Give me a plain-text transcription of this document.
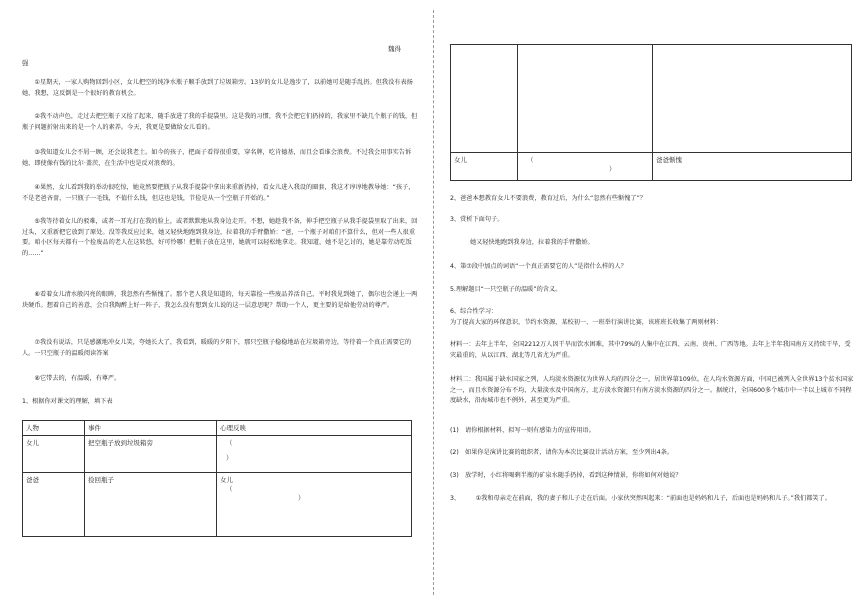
魏得
强
①星期天，一家人购物回到小区，女儿把空的纯净水瓶子顺手放到了垃圾箱旁。13岁的女儿是逸步了，以前她可是随手乱扔。但我没有表扬她，我想，这反倒是一个很好的教育机会。
②我不动声色，走过去把空瓶子又捡了起来，随手放进了我的手提袋里。这是我的习惯，我不会把它们扔掉的，我家里不缺几个瓶子的钱，但瓶子问题折射出来的是一个人的素养。今天，我更是要做给女儿看的。
③我知道女儿会不屑一顾，还会说我老土。如今的孩子，把面子看得很重要，穿名牌，吃肯德基，而且会看谁会浪费。不过我会用事实告诉她，即使像有钱的比尔·盖茨，在生活中也是反对浪费的。
④果然，女儿看到我的举动很吃惊，她竟然要把瓶子从我手提袋中拿出来重新扔掉，看女儿进入我设的圈套，我这才谆谆地教导她：“孩子，不是老爸吝啬，一只瓶子一毛钱，不值什么钱，但这也是钱，节俭是从一个空瓶子开始的。”
⑤我等待着女儿的驳难，或者一耳光打在我的脸上，或者默默地从我身边走开。不想，她趁我不备，伸手把空瓶子从我手提袋里取了出来，回过头，又重新把它放到了原处。没等我反应过来，她又轻快地跑到我身边，拉着我的手臂撒娇：“爸，一个瓶子对咱们不算什么，但对一些人很重要。咱小区每天都有一个捡废品的老人在这转悠，好可怜哪！把瓶子放在这里，她就可以轻松地拿走。我知道，她不是乞讨的，她是靠劳动吃饭的……”
⑥看着女儿清水般闪亮的眼眸，我忽然有些惭愧了。那个老人我是知道的，每天靠捡一些废品养活自己，平时我见到她了，偶尔也会递上一两块硬币。想着自己的善意，会自我陶醉上好一阵子，我怎么没有想到女儿说的这一层意思呢？帮助一个人，更主要的是给他劳动的尊严。
⑦我没有说话，只是感激地冲女儿笑，夸她长大了，我看到，暖暖的夕阳下，那只空瓶子稳稳地站在垃圾箱旁边，等待着一个真正需要它的人。一只空瓶子的温暖阅读答案
⑧它带去的，有温暖，有尊严。
1、根据你对课文的理解，填下表
人物	事件	心理反映
女儿	把空瓶子放到垃圾箱旁	（
）

爸爸	捡回瓶子	女儿
（
）

女儿	（
）	爸爸惭愧
2、爸爸本想教育女儿不要浪费，教育过后，为什么“忽然有些惭愧了”？
3、赏析下面句子。
她又轻快地跑到我身边，拉着我的手臂撒娇。
4、第⑦段中加点的词语“一个真正需要它的人”是指什么样的人？
5.理解题目“一只空瓶子的温暖”的含义。
6、综合性学习：
为了提高大家的环保意识，节约水资源，某校初一、一班举行演讲比赛，该班班长收集了两则材料：
材料一：去年上半年，全国2212万人因干旱而饮水困难，其中79%的人集中在江西、云南、贵州、广西等地。去年上半年我国南方又持续干旱，受灾最重的，从以江西、湖北等几省尤为严重。
材料二：我国属于缺水国家之列，人均淡水资源仅为世界人均的四分之一，居世界第109位。在人均水资源方面，中国已被列入全世界13个贫水国家之一，而且水资源分布不均，大量淡水及中国南方，北方淡水资源只有南方淡水资源的四分之一。据统计，全国600多个城市中一半以上城市不同程度缺水，沿海城市也不例外，甚至更为严重。
(1)　请你根据材料，拟写一则有感染力的宣传用语。
(2)　如果你是演讲比赛的组织者，请你为本次比赛设计活动方案，至少列出4条。
(3)　放学时，小红将喝剩半瓶的矿泉水随手扔掉，看到这种情景，你将如何对她说？
3、　　　①我和母亲走在前面，我的妻子和儿子走在后面。小家伙突然叫起来：“前面也是妈妈和儿子，后面也是妈妈和儿子。”我们都笑了。
